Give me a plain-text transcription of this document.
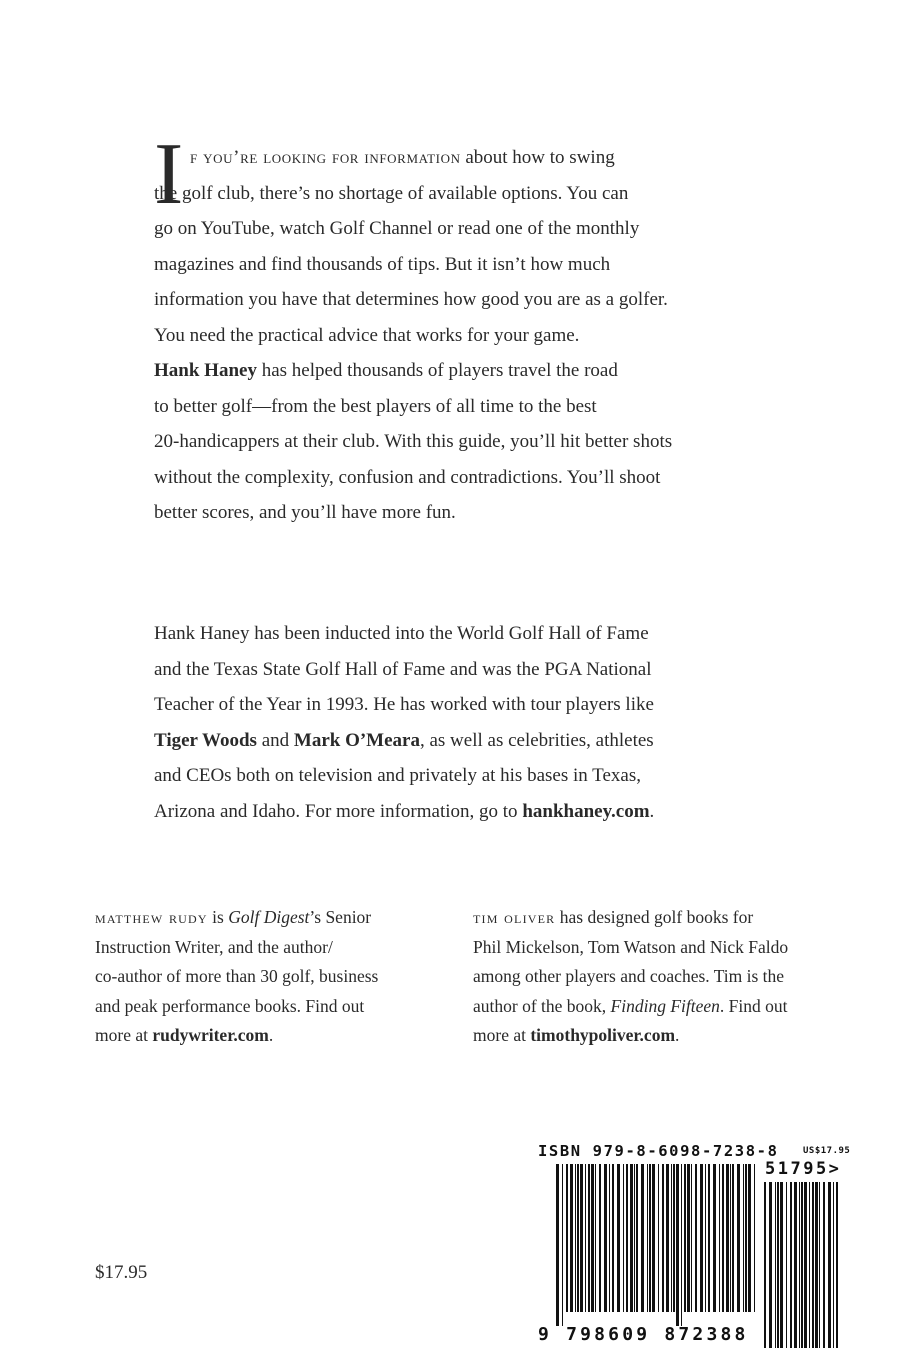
I f you’re looking for information about how to swing
the golf club, there’s no shortage of available options. You can
go on YouTube, watch Golf Channel or read one of the monthly
magazines and find thousands of tips. But it isn’t how much
information you have that determines how good you are as a golfer.
You need the practical advice that works for your game.
Hank Haney has helped thousands of players travel the road
to better golf—from the best players of all time to the best
20-handicappers at their club. With this guide, you’ll hit better shots
without the complexity, confusion and contradictions. You’ll shoot
better scores, and you’ll have more fun.
Hank Haney has been inducted into the World Golf Hall of Fame
and the Texas State Golf Hall of Fame and was the PGA National
Teacher of the Year in 1993. He has worked with tour players like
Tiger Woods and Mark O’Meara, as well as celebrities, athletes
and CEOs both on television and privately at his bases in Texas,
Arizona and Idaho. For more information, go to hankhaney.com.
matthew rudy is Golf Digest’s Senior
Instruction Writer, and the author/
co-author of more than 30 golf, business
and peak performance books. Find out
more at rudywriter.com.
tim oliver has designed golf books for
Phil Mickelson, Tom Watson and Nick Faldo
among other players and coaches. Tim is the
author of the book, Finding Fifteen. Find out
more at timothypoliver.com.
$17.95
ISBN 979-8-6098-7238-8	US$17.95
51795>
9 798609 872388
